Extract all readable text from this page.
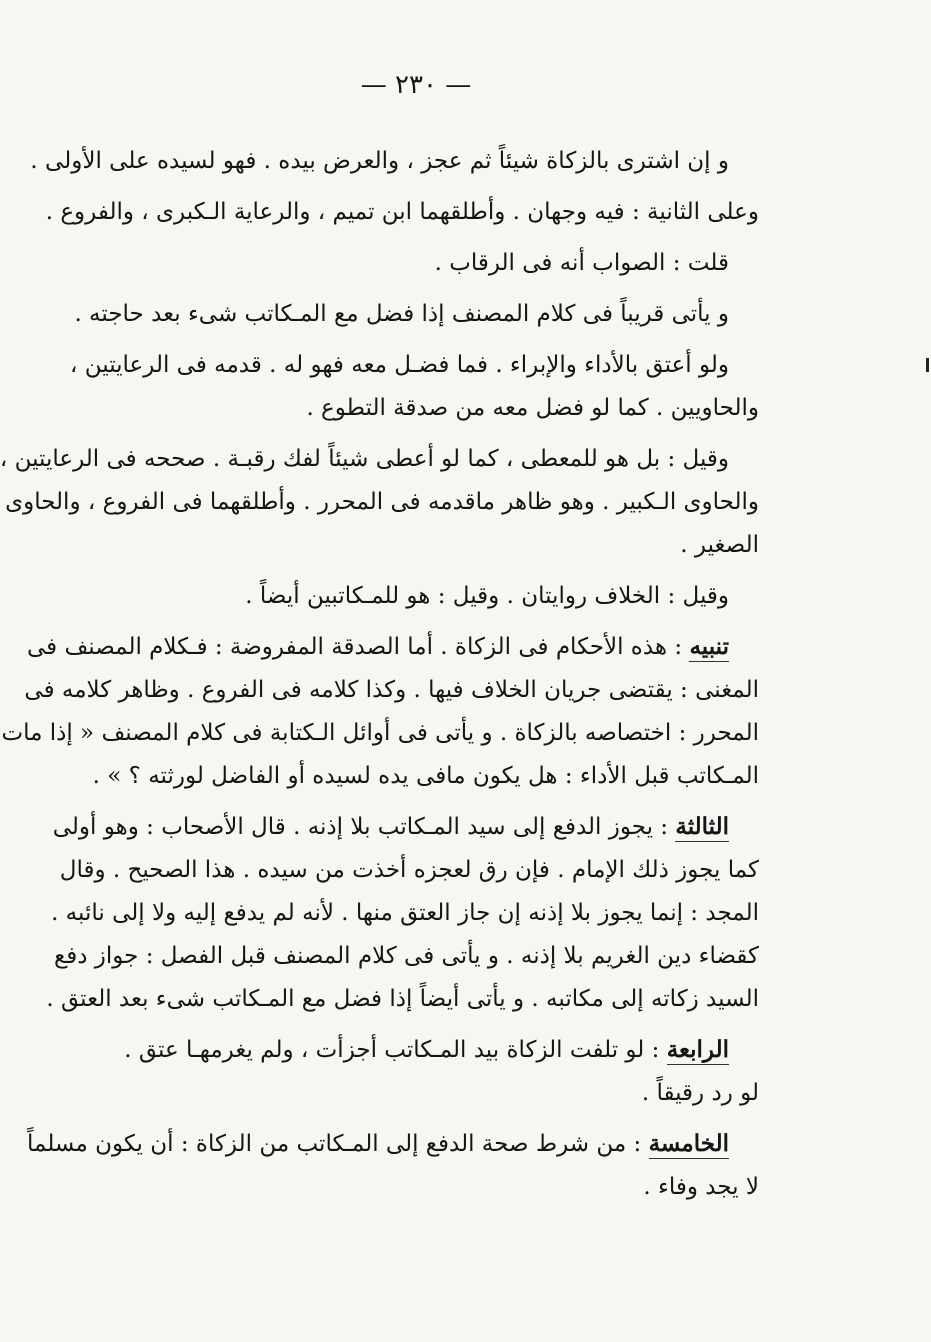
— ٢٣٠ —

و إن اشترى بالزكاة شيئاً ثم عجز ، والعرض بيده . فهو لسيده على الأولى .

وعلى الثانية : فيه وجهان . وأطلقهما ابن تميم ، والرعاية الـكبرى ، والفروع .

قلت : الصواب أنه فى الرقاب .

و يأتى قريباً فى كلام المصنف إذا فضل مع المـكاتب شىء بعد حاجته .

ولو أعتق بالأداء والإبراء . فما فضـل معه فهو له . قدمه فى الرعايتين ،
والحاويين . كما لو فضل معه من صدقة التطوع .

وقيل : بل هو للمعطى ، كما لو أعطى شيئاً لفك رقبـة . صححه فى الرعايتين ،
والحاوى الـكبير . وهو ظاهر ماقدمه فى المحرر . وأطلقهما فى الفروع ، والحاوى
الصغير .

وقيل : الخلاف روايتان . وقيل : هو للمـكاتبين أيضاً .

تنبيه : هذه الأحكام فى الزكاة . أما الصدقة المفروضة : فـكلام المصنف فى
المغنى : يقتضى جريان الخلاف فيها . وكذا كلامه فى الفروع . وظاهر كلامه فى
المحرر : اختصاصه بالزكاة . و يأتى فى أوائل الـكتابة فى كلام المصنف « إذا مات
المـكاتب قبل الأداء : هل يكون مافى يده لسيده أو الفاضل لورثته ؟ » .

الثالثة : يجوز الدفع إلى سيد المـكاتب بلا إذنه . قال الأصحاب : وهو أولى
كما يجوز ذلك الإمام . فإن رق لعجزه أخذت من سيده . هذا الصحيح . وقال
المجد : إنما يجوز بلا إذنه إن جاز العتق منها . لأنه لم يدفع إليه ولا إلى نائبه .
كقضاء دين الغريم بلا إذنه . و يأتى فى كلام المصنف قبل الفصل : جواز دفع
السيد زكاته إلى مكاتبه . و يأتى أيضاً إذا فضل مع المـكاتب شىء بعد العتق .

الرابعة : لو تلفت الزكاة بيد المـكاتب أجزأت ، ولم يغرمهـا عتق .
لو رد رقيقاً .

الخامسة : من شرط صحة الدفع إلى المـكاتب من الزكاة : أن يكون مسلماً
لا يجد وفاء .
